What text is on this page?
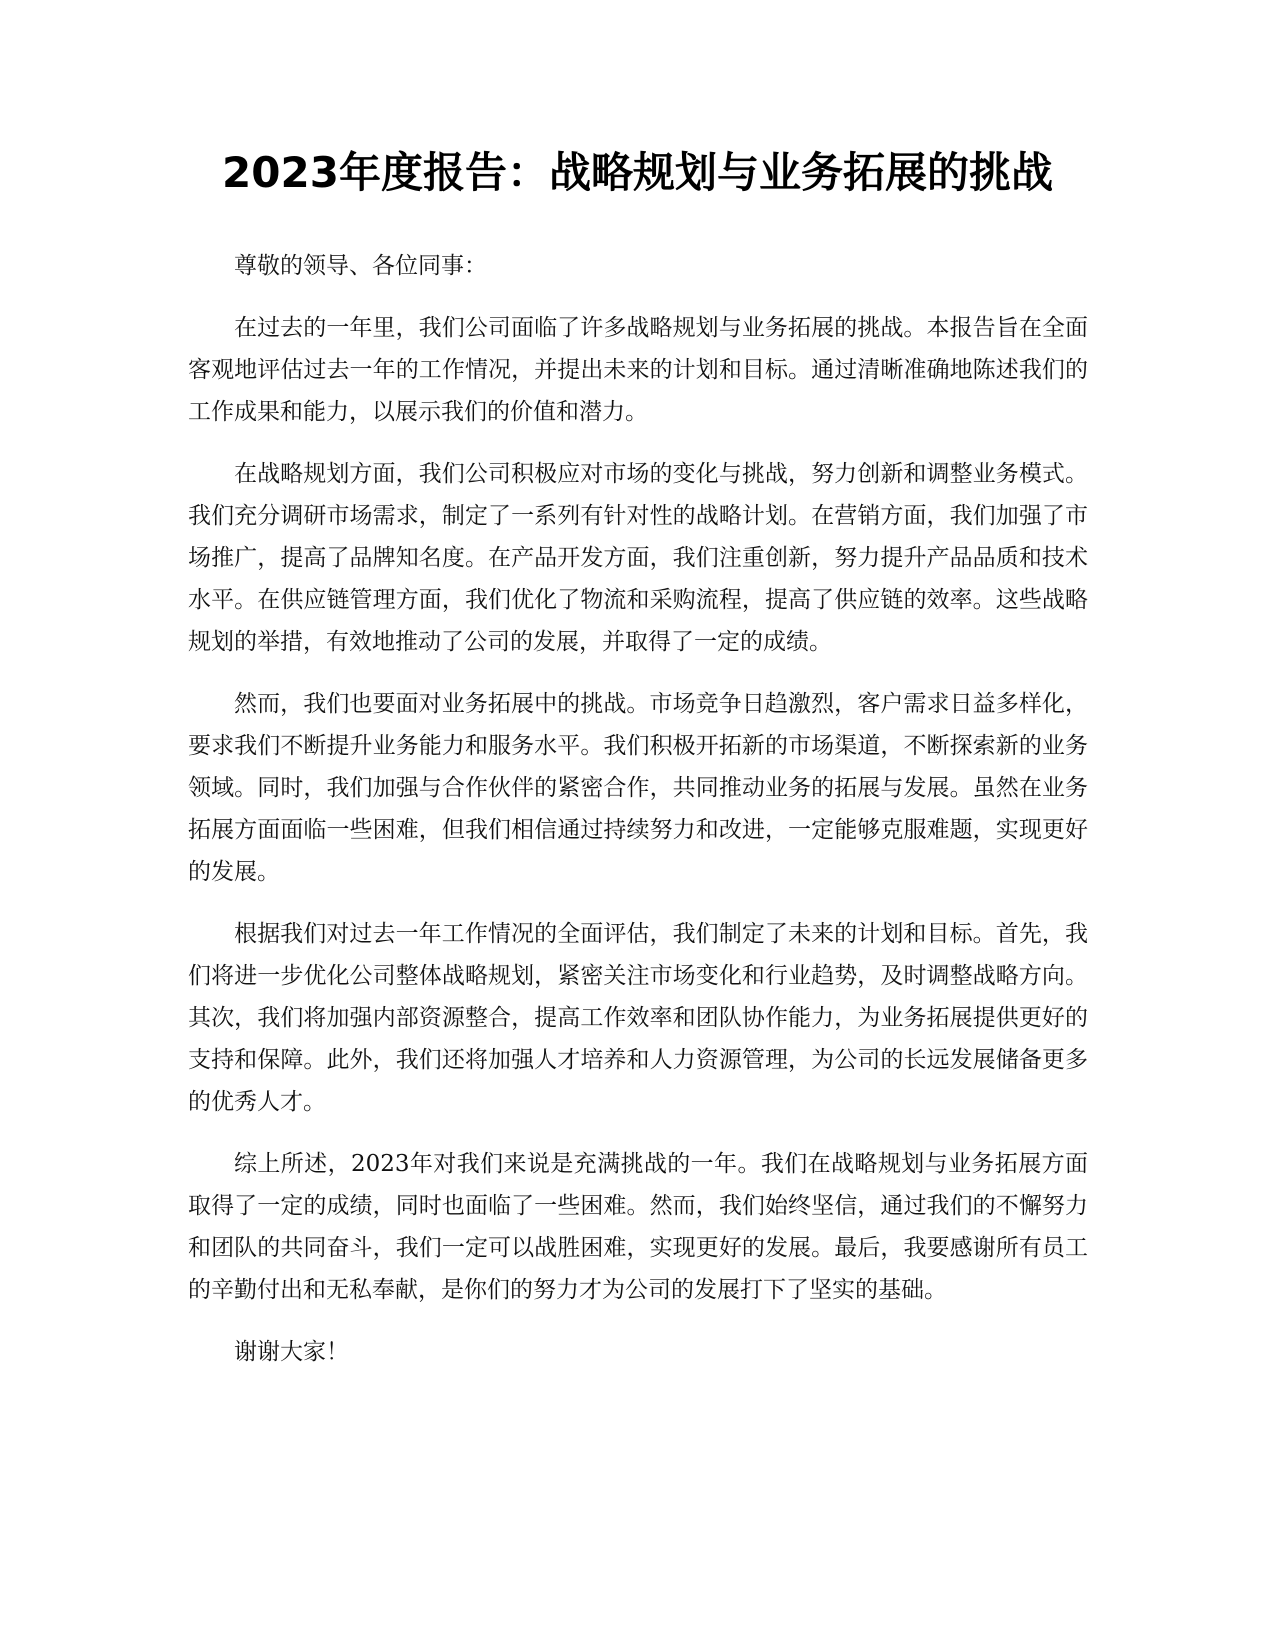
2023年度报告：战略规划与业务拓展的挑战

尊敬的领导、各位同事：

在过去的一年里，我们公司面临了许多战略规划与业务拓展的挑战。本报告旨在全面客观地评估过去一年的工作情况，并提出未来的计划和目标。通过清晰准确地陈述我们的工作成果和能力，以展示我们的价值和潜力。

在战略规划方面，我们公司积极应对市场的变化与挑战，努力创新和调整业务模式。我们充分调研市场需求，制定了一系列有针对性的战略计划。在营销方面，我们加强了市场推广，提高了品牌知名度。在产品开发方面，我们注重创新，努力提升产品品质和技术水平。在供应链管理方面，我们优化了物流和采购流程，提高了供应链的效率。这些战略规划的举措，有效地推动了公司的发展，并取得了一定的成绩。

然而，我们也要面对业务拓展中的挑战。市场竞争日趋激烈，客户需求日益多样化，要求我们不断提升业务能力和服务水平。我们积极开拓新的市场渠道，不断探索新的业务领域。同时，我们加强与合作伙伴的紧密合作，共同推动业务的拓展与发展。虽然在业务拓展方面面临一些困难，但我们相信通过持续努力和改进，一定能够克服难题，实现更好的发展。

根据我们对过去一年工作情况的全面评估，我们制定了未来的计划和目标。首先，我们将进一步优化公司整体战略规划，紧密关注市场变化和行业趋势，及时调整战略方向。其次，我们将加强内部资源整合，提高工作效率和团队协作能力，为业务拓展提供更好的支持和保障。此外，我们还将加强人才培养和人力资源管理，为公司的长远发展储备更多的优秀人才。

综上所述，2023年对我们来说是充满挑战的一年。我们在战略规划与业务拓展方面取得了一定的成绩，同时也面临了一些困难。然而，我们始终坚信，通过我们的不懈努力和团队的共同奋斗，我们一定可以战胜困难，实现更好的发展。最后，我要感谢所有员工的辛勤付出和无私奉献，是你们的努力才为公司的发展打下了坚实的基础。

谢谢大家！
